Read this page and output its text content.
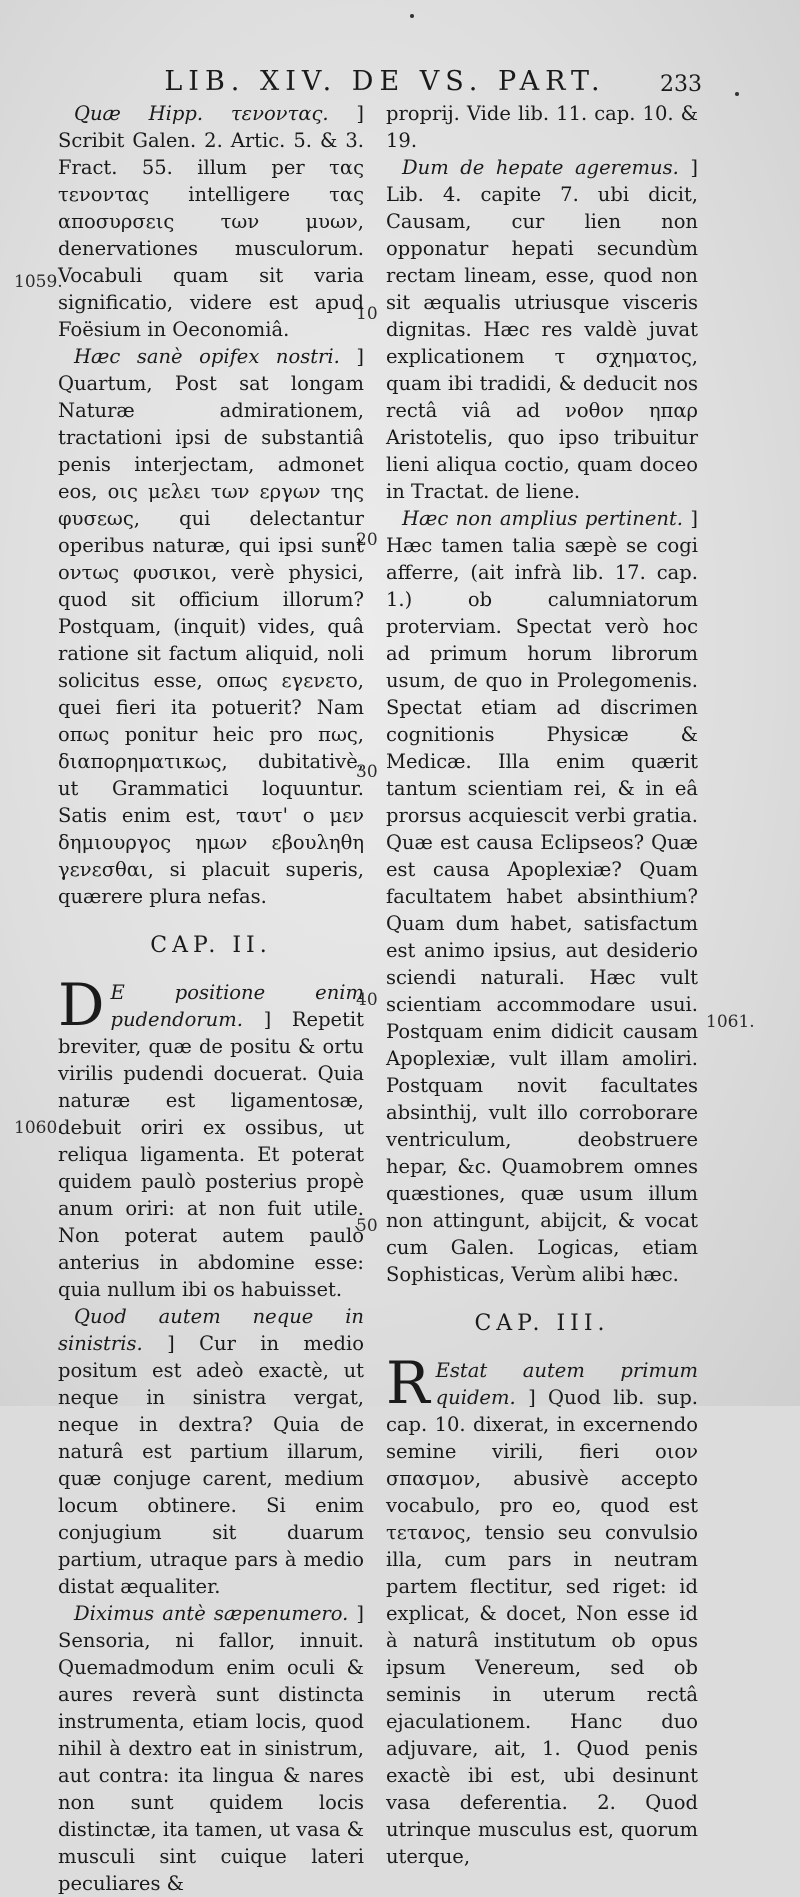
LIB. XIV. DE VS. PART.	233
1059.
1060.
1061.
10
20
30
40
50

Quæ Hipp. τενοντας. ] Scribit Galen. 2. Artic. 5. & 3. Fract. 55. illum per τας τενοντας intelligere τας αποσυρσεις των μυων, denervationes musculorum. Vocabuli quam sit varia significatio, videre est apud Foësium in Oeconomiâ.

Hæc sanè opifex nostri. ] Quartum, Post sat longam Naturæ admirationem, tractationi ipsi de substantiâ penis interjectam, admonet eos, οις μελει των εργων της φυσεως, qui delectantur operibus naturæ, qui ipsi sunt οντως φυσικοι, verè physici, quod sit officium illorum? Postquam, (inquit) vides, quâ ratione sit factum aliquid, noli solicitus esse, οπως εγενετο, quei fieri ita potuerit? Nam οπως ponitur heic pro πως, διαπορηματικως, dubitativè, ut Grammatici loquuntur. Satis enim est, ταυτ' ο μεν δημιουργος ημων εβουληθη γενεσθαι, si placuit superis, quærere plura nefas.

CAP. II.

D E positione enim pudendorum. ] Repetit breviter, quæ de positu & ortu virilis pudendi docuerat. Quia naturæ est ligamentosæ, debuit oriri ex ossibus, ut reliqua ligamenta. Et poterat quidem paulò posterius propè anum oriri: at non fuit utile. Non poterat autem paulò anterius in abdomine esse: quia nullum ibi os habuisset.

Quod autem neque in sinistris. ] Cur in medio positum est adeò exactè, ut neque in sinistra vergat, neque in dextra? Quia de naturâ est partium illarum, quæ conjuge carent, medium locum obtinere. Si enim conjugium sit duarum partium, utraque pars à medio distat æqualiter.

Diximus antè sæpenumero. ] Sensoria, ni fallor, innuit. Quemadmodum enim oculi & aures reverà sunt distincta instrumenta, etiam locis, quod nihil à dextro eat in sinistrum, aut contra: ita lingua & nares non sunt quidem locis distinctæ, ita tamen, ut vasa & musculi sint cuique lateri peculiares &

proprij. Vide lib. 11. cap. 10. & 19.

Dum de hepate ageremus. ] Lib. 4. capite 7. ubi dicit, Causam, cur lien non opponatur hepati secundùm rectam lineam, esse, quod non sit æqualis utriusque visceris dignitas. Hæc res valdè juvat explicationem τ σχηματος, quam ibi tradidi, & deducit nos rectâ viâ ad νοθον ηπαρ Aristotelis, quo ipso tribuitur lieni aliqua coctio, quam doceo in Tractat. de liene.

Hæc non amplius pertinent. ] Hæc tamen talia sæpè se cogi afferre, (ait infrà lib. 17. cap. 1.) ob calumniatorum proterviam. Spectat verò hoc ad primum horum librorum usum, de quo in Prolegomenis. Spectat etiam ad discrimen cognitionis Physicæ & Medicæ. Illa enim quærit tantum scientiam rei, & in eâ prorsus acquiescit verbi gratia. Quæ est causa Eclipseos? Quæ est causa Apoplexiæ? Quam facultatem habet absinthium? Quam dum habet, satisfactum est animo ipsius, aut desiderio sciendi naturali. Hæc vult scientiam accommodare usui. Postquam enim didicit causam Apoplexiæ, vult illam amoliri. Postquam novit facultates absinthij, vult illo corroborare ventriculum, deobstruere hepar, &c. Quamobrem omnes quæstiones, quæ usum illum non attingunt, abijcit, & vocat cum Galen. Logicas, etiam Sophisticas, Verùm alibi hæc.

CAP. III.

R Estat autem primum quidem. ] Quod lib. sup. cap. 10. dixerat, in excernendo semine virili, fieri οιον σπασμον, abusivè accepto vocabulo, pro eo, quod est τετανος, tensio seu convulsio illa, cum pars in neutram partem flectitur, sed riget: id explicat, & docet, Non esse id à naturâ institutum ob opus ipsum Venereum, sed ob seminis in uterum rectâ ejaculationem. Hanc duo adjuvare, ait, 1. Quod penis exactè ibi est, ubi desinunt vasa deferentia. 2. Quod utrinque musculus est, quorum uterque,
